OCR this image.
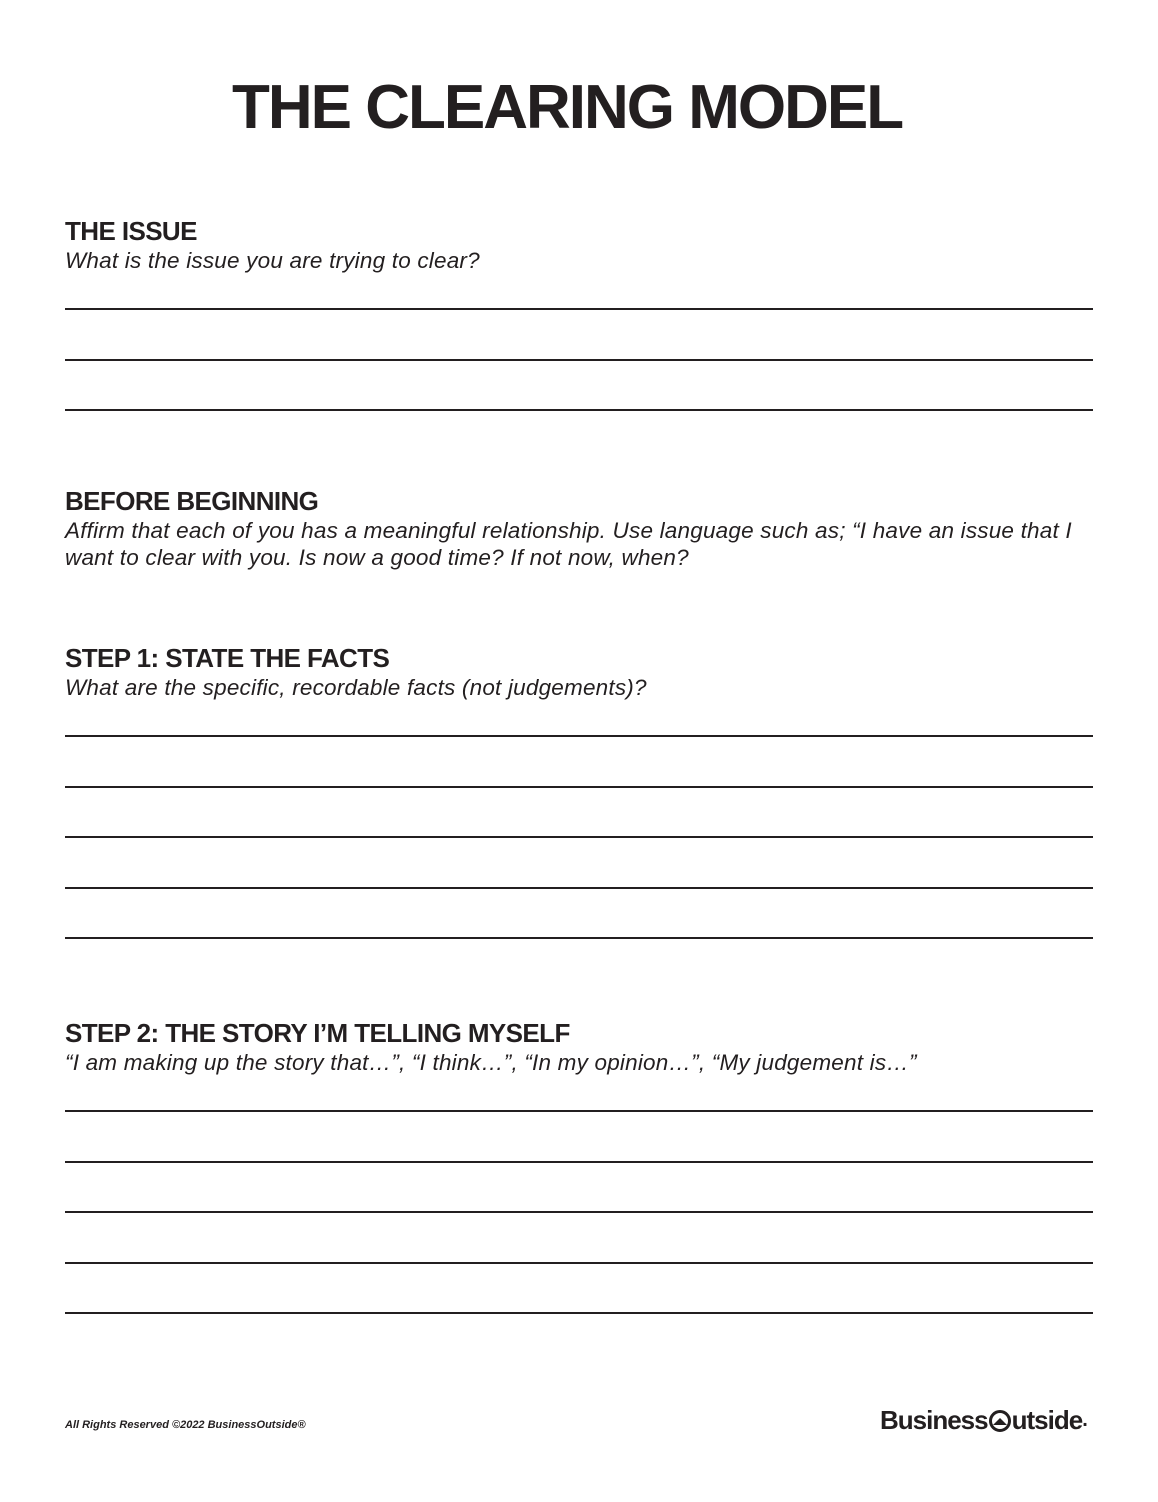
THE CLEARING MODEL

THE ISSUE

What is the issue you are trying to clear?

BEFORE BEGINNING

Affirm that each of you has a meaningful relationship. Use language such as; “I have an issue that I want to clear with you. Is now a good time? If not now, when?

STEP 1: STATE THE FACTS

What are the specific, recordable facts (not judgements)?

STEP 2: THE STORY I’M TELLING MYSELF

“I am making up the story that…”, “I think…”, “In my opinion…”, “My judgement is…”

All Rights Reserved ©2022 BusinessOutside®	Business utside .
